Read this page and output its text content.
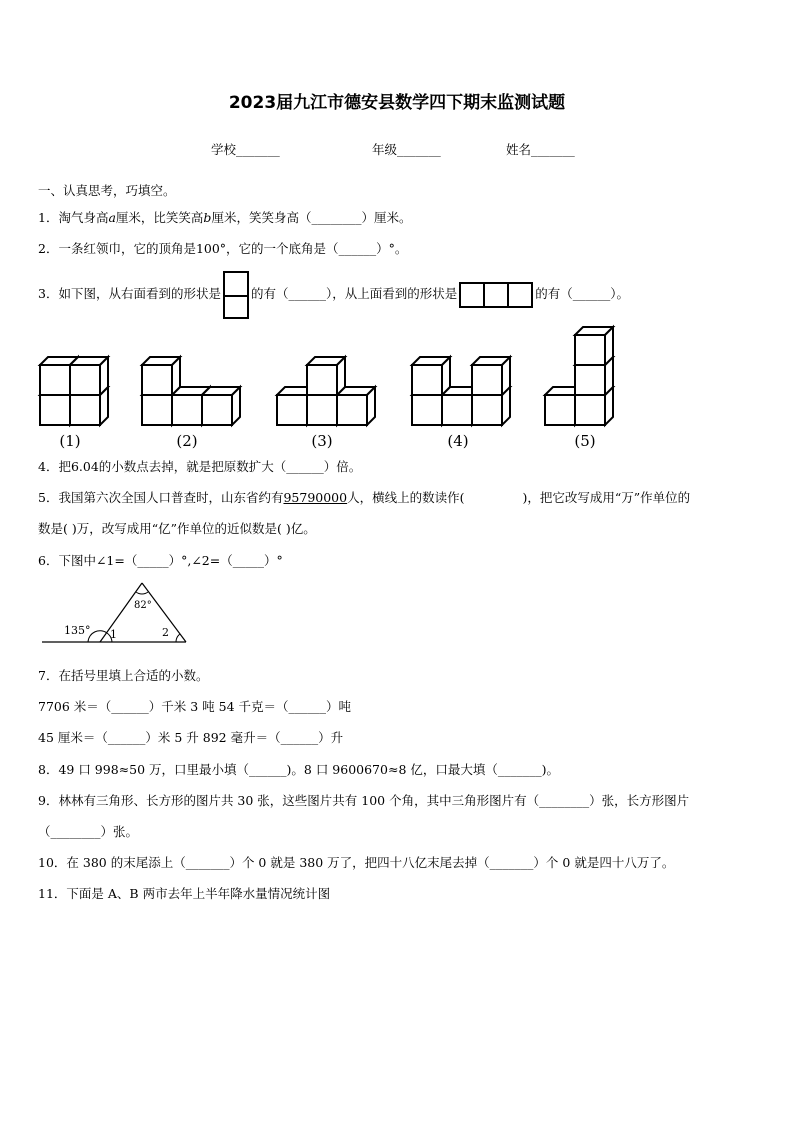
2023届九江市德安县数学四下期末监测试题
学校_______	年级_______	姓名_______
一、认真思考，巧填空。
1．淘气身高a厘米，比笑笑高b厘米，笑笑身高（________）厘米。
2．一条红领巾，它的顶角是100°，它的一个底角是（______）°。
3．如下图，从右面看到的形状是 的有（______），从上面看到的形状是	的有（______）。
(1)	(2)	(3)	(4)	(5)
4．把6.04的小数点去掉，就是把原数扩大（______）倍。
5．我国第六次全国人口普查时，山东省约有95790000人，横线上的数读作(	)，把它改写成用“万”作单位的
数是( )万，改写成用“亿”作单位的近似数是( )亿。
6．下图中∠1=（_____）°,∠2=（_____）°
135°
82°
1	2
7．在括号里填上合适的小数。
7706 米＝（______）千米 3 吨 54 千克＝（______）吨
45 厘米＝（______）米 5 升 892 毫升＝（______）升
8．49 口 998≈50 万，口里最小填（______)。8 口 9600670≈8 亿，口最大填（_______)。
9．林林有三角形、长方形的图片共 30 张，这些图片共有 100 个角，其中三角形图片有（________）张，长方形图片
（________）张。
10．在 380 的末尾添上（_______）个 0 就是 380 万了，把四十八亿末尾去掉（_______）个 0 就是四十八万了。
11．下面是 A、B 两市去年上半年降水量情况统计图
